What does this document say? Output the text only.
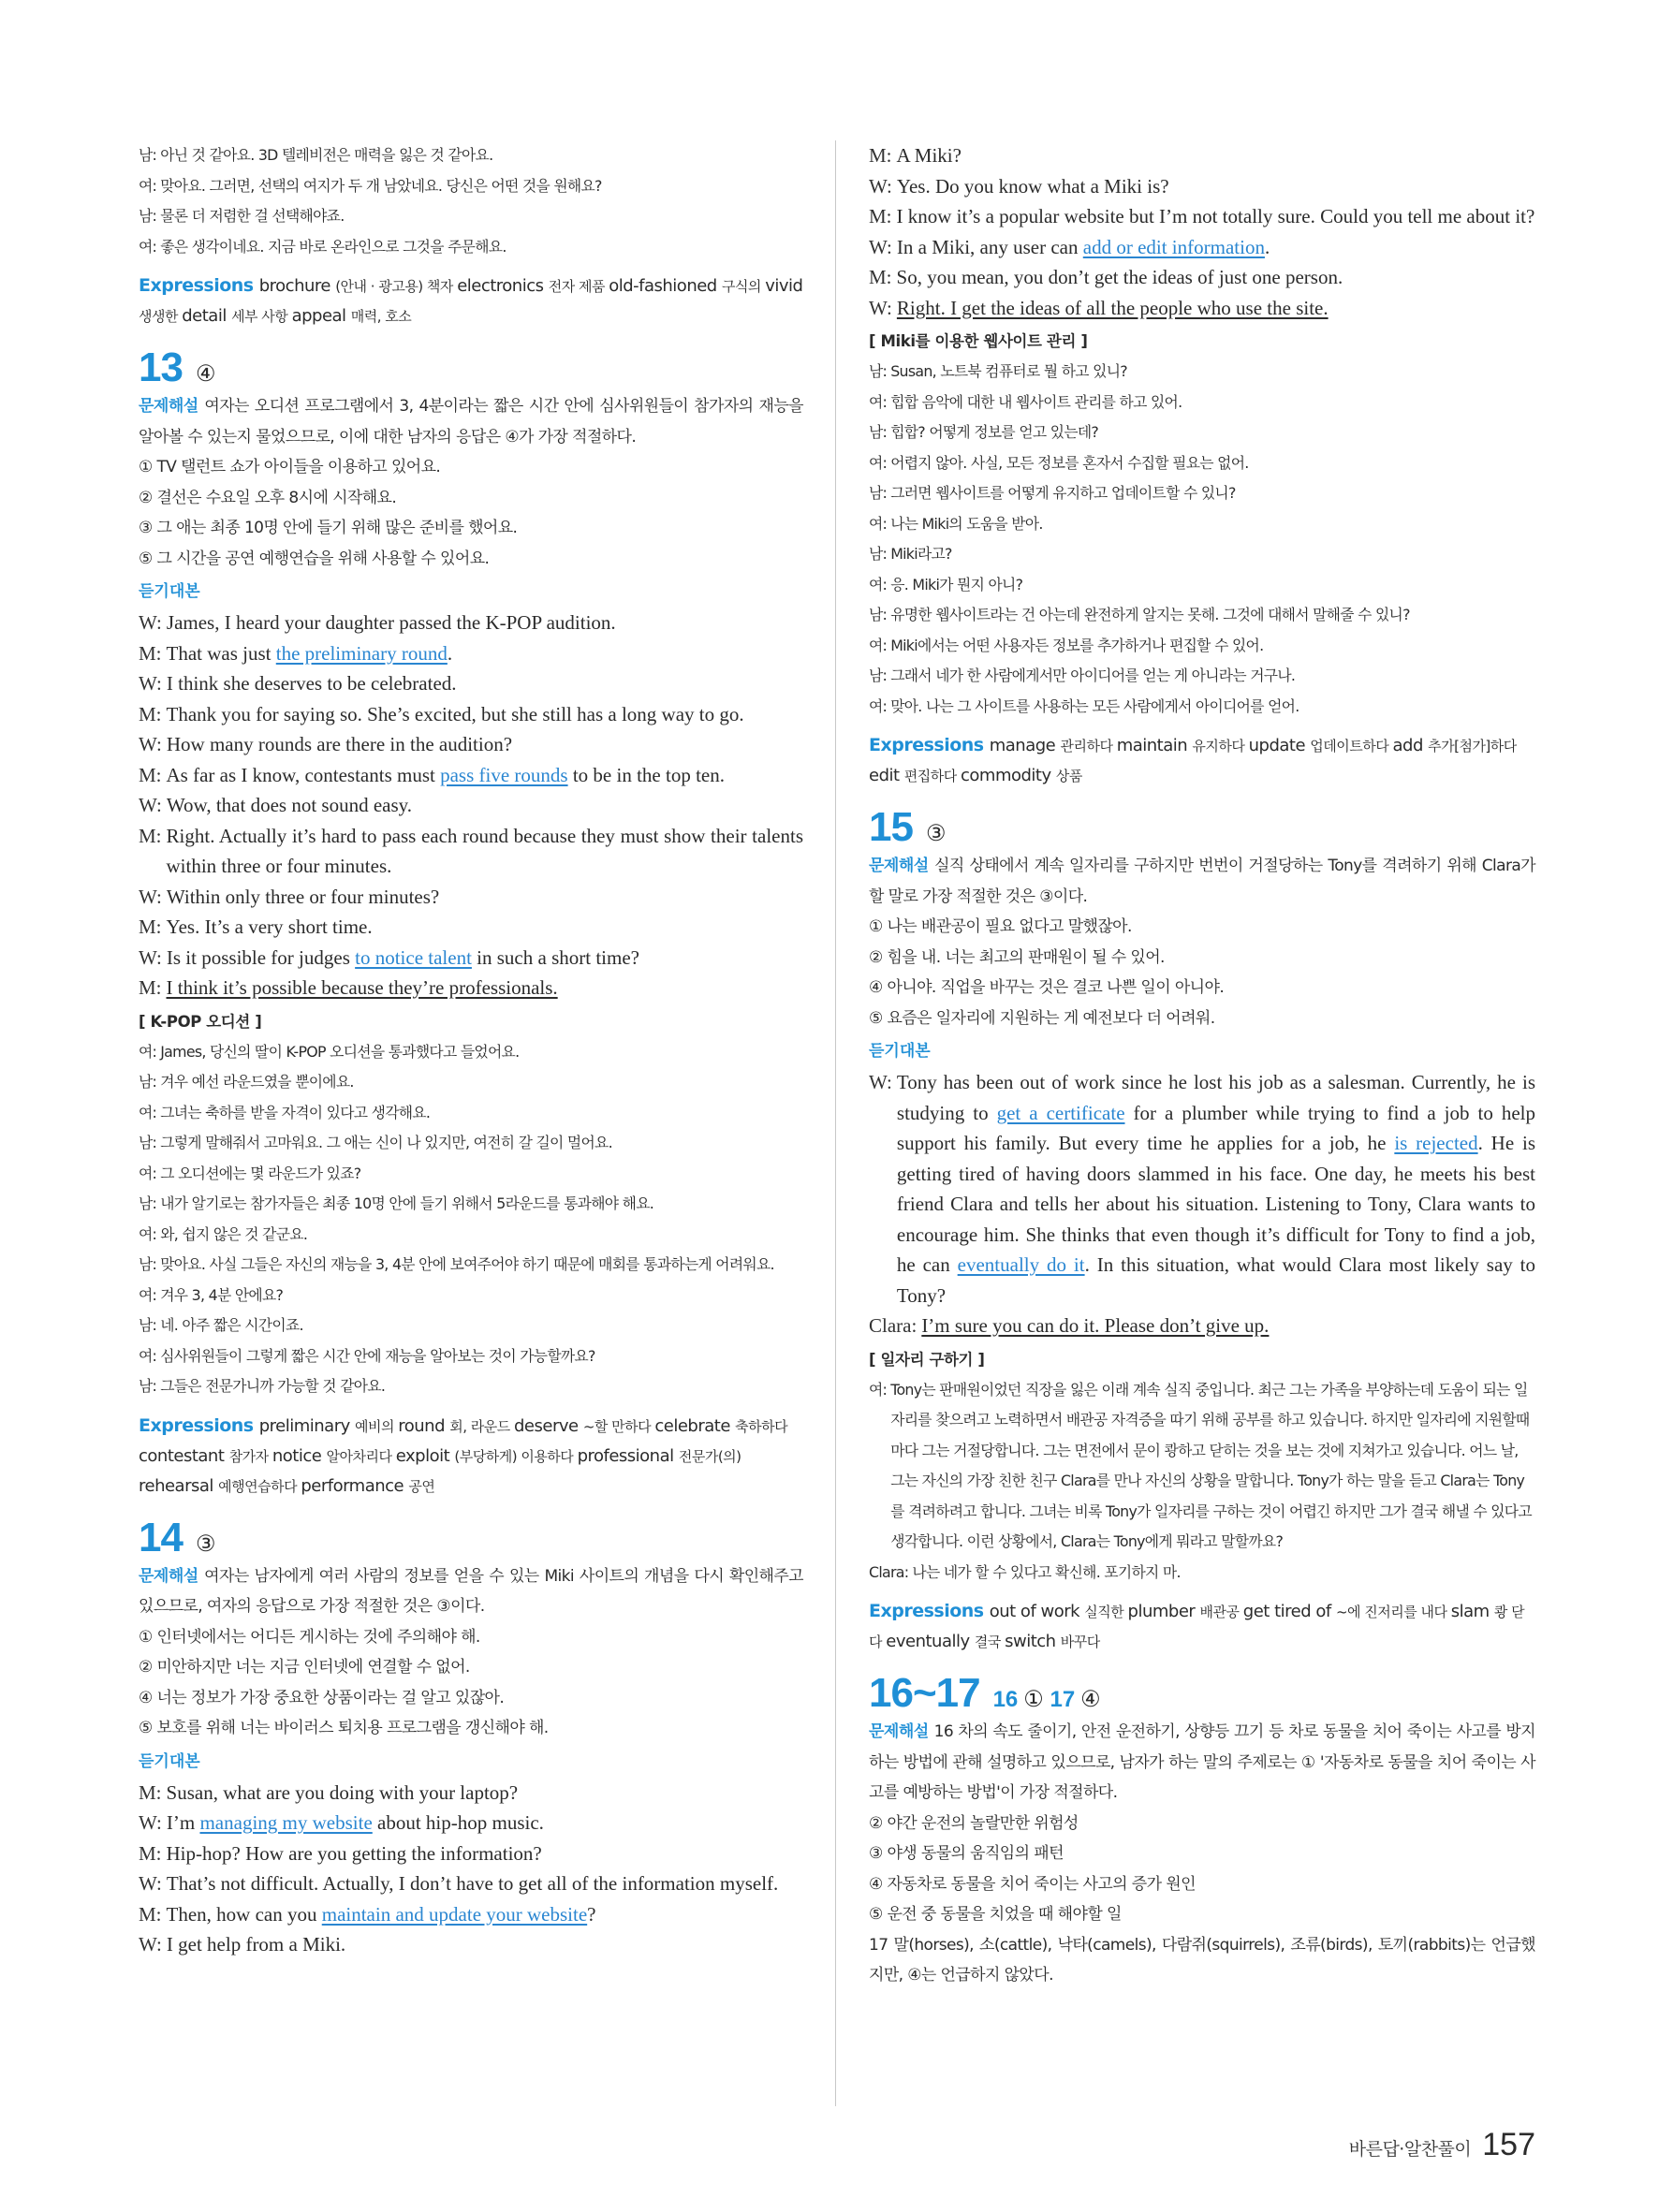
남: 아닌 것 같아요. 3D 텔레비전은 매력을 잃은 것 같아요.
여: 맞아요. 그러면, 선택의 여지가 두 개 남았네요. 당신은 어떤 것을 원해요?
남: 물론 더 저렴한 걸 선택해야죠.
여: 좋은 생각이네요. 지금 바로 온라인으로 그것을 주문해요.
Expressions brochure (안내 · 광고용) 책자 electronics 전자 제품 old-fashioned 구식의 vivid 생생한 detail 세부 사항 appeal 매력, 호소
13 ④
문제해설 여자는 오디션 프로그램에서 3, 4분이라는 짧은 시간 안에 심사위원들이 참가자의 재능을 알아볼 수 있는지 물었으므로, 이에 대한 남자의 응답은 ④가 가장 적절하다.
① TV 탤런트 쇼가 아이들을 이용하고 있어요.
② 결선은 수요일 오후 8시에 시작해요.
③ 그 애는 최종 10명 안에 들기 위해 많은 준비를 했어요.
⑤ 그 시간을 공연 예행연습을 위해 사용할 수 있어요.
듣기대본
W: James, I heard your daughter passed the K-POP audition.
M: That was just the preliminary round.
W: I think she deserves to be celebrated.
M: Thank you for saying so. She’s excited, but she still has a long way to go.
W: How many rounds are there in the audition?
M: As far as I know, contestants must pass five rounds to be in the top ten.
W: Wow, that does not sound easy.
M: Right. Actually it’s hard to pass each round because they must show their talents within three or four minutes.
W: Within only three or four minutes?
M: Yes. It’s a very short time.
W: Is it possible for judges to notice talent in such a short time?
M: I think it’s possible because they’re professionals.
[ K-POP 오디션 ]
여: James, 당신의 딸이 K-POP 오디션을 통과했다고 들었어요.
남: 겨우 예선 라운드였을 뿐이에요.
여: 그녀는 축하를 받을 자격이 있다고 생각해요.
남: 그렇게 말해줘서 고마워요. 그 애는 신이 나 있지만, 여전히 갈 길이 멀어요.
여: 그 오디션에는 몇 라운드가 있죠?
남: 내가 알기로는 참가자들은 최종 10명 안에 들기 위해서 5라운드를 통과해야 해요.
여: 와, 쉽지 않은 것 같군요.
남: 맞아요. 사실 그들은 자신의 재능을 3, 4분 안에 보여주어야 하기 때문에 매회를 통과하는게 어려워요.
여: 겨우 3, 4분 안에요?
남: 네. 아주 짧은 시간이죠.
여: 심사위원들이 그렇게 짧은 시간 안에 재능을 알아보는 것이 가능할까요?
남: 그들은 전문가니까 가능할 것 같아요.
Expressions preliminary 예비의 round 회, 라운드 deserve ~할 만하다 celebrate 축하하다 contestant 참가자 notice 알아차리다 exploit (부당하게) 이용하다 professional 전문가(의) rehearsal 예행연습하다 performance 공연
14 ③
문제해설 여자는 남자에게 여러 사람의 정보를 얻을 수 있는 Miki 사이트의 개념을 다시 확인해주고 있으므로, 여자의 응답으로 가장 적절한 것은 ③이다.
① 인터넷에서는 어디든 게시하는 것에 주의해야 해.
② 미안하지만 너는 지금 인터넷에 연결할 수 없어.
④ 너는 정보가 가장 중요한 상품이라는 걸 알고 있잖아.
⑤ 보호를 위해 너는 바이러스 퇴치용 프로그램을 갱신해야 해.
듣기대본
M: Susan, what are you doing with your laptop?
W: I’m managing my website about hip-hop music.
M: Hip-hop? How are you getting the information?
W: That’s not difficult. Actually, I don’t have to get all of the information myself.
M: Then, how can you maintain and update your website?
W: I get help from a Miki.
M: A Miki?
W: Yes. Do you know what a Miki is?
M: I know it’s a popular website but I’m not totally sure. Could you tell me about it?
W: In a Miki, any user can add or edit information.
M: So, you mean, you don’t get the ideas of just one person.
W: Right. I get the ideas of all the people who use the site.
[ Miki를 이용한 웹사이트 관리 ]
남: Susan, 노트북 컴퓨터로 뭘 하고 있니?
여: 힙합 음악에 대한 내 웹사이트 관리를 하고 있어.
남: 힙합? 어떻게 정보를 얻고 있는데?
여: 어렵지 않아. 사실, 모든 정보를 혼자서 수집할 필요는 없어.
남: 그러면 웹사이트를 어떻게 유지하고 업데이트할 수 있니?
여: 나는 Miki의 도움을 받아.
남: Miki라고?
여: 응. Miki가 뭔지 아니?
남: 유명한 웹사이트라는 건 아는데 완전하게 알지는 못해. 그것에 대해서 말해줄 수 있니?
여: Miki에서는 어떤 사용자든 정보를 추가하거나 편집할 수 있어.
남: 그래서 네가 한 사람에게서만 아이디어를 얻는 게 아니라는 거구나.
여: 맞아. 나는 그 사이트를 사용하는 모든 사람에게서 아이디어를 얻어.
Expressions manage 관리하다 maintain 유지하다 update 업데이트하다 add 추가[첨가]하다 edit 편집하다 commodity 상품
15 ③
문제해설 실직 상태에서 계속 일자리를 구하지만 번번이 거절당하는 Tony를 격려하기 위해 Clara가 할 말로 가장 적절한 것은 ③이다.
① 나는 배관공이 필요 없다고 말했잖아.
② 힘을 내. 너는 최고의 판매원이 될 수 있어.
④ 아니야. 직업을 바꾸는 것은 결코 나쁜 일이 아니야.
⑤ 요즘은 일자리에 지원하는 게 예전보다 더 어려워.
듣기대본
W: Tony has been out of work since he lost his job as a salesman. Currently, he is studying to get a certificate for a plumber while trying to find a job to help support his family. But every time he applies for a job, he is rejected. He is getting tired of having doors slammed in his face. One day, he meets his best friend Clara and tells her about his situation. Listening to Tony, Clara wants to encourage him. She thinks that even though it’s difficult for Tony to find a job, he can eventually do it. In this situation, what would Clara most likely say to Tony?
Clara: I’m sure you can do it. Please don’t give up.
[ 일자리 구하기 ]
여: Tony는 판매원이었던 직장을 잃은 이래 계속 실직 중입니다. 최근 그는 가족을 부양하는데 도움이 되는 일자리를 찾으려고 노력하면서 배관공 자격증을 따기 위해 공부를 하고 있습니다. 하지만 일자리에 지원할때마다 그는 거절당합니다. 그는 면전에서 문이 쾅하고 닫히는 것을 보는 것에 지쳐가고 있습니다. 어느 날, 그는 자신의 가장 친한 친구 Clara를 만나 자신의 상황을 말합니다. Tony가 하는 말을 듣고 Clara는 Tony를 격려하려고 합니다. 그녀는 비록 Tony가 일자리를 구하는 것이 어렵긴 하지만 그가 결국 해낼 수 있다고 생각합니다. 이런 상황에서, Clara는 Tony에게 뭐라고 말할까요?
Clara: 나는 네가 할 수 있다고 확신해. 포기하지 마.
Expressions out of work 실직한 plumber 배관공 get tired of ~에 진저리를 내다 slam 쾅 닫다 eventually 결국 switch 바꾸다
16~17 16 ① 17 ④
문제해설 16 차의 속도 줄이기, 안전 운전하기, 상향등 끄기 등 차로 동물을 치어 죽이는 사고를 방지하는 방법에 관해 설명하고 있으므로, 남자가 하는 말의 주제로는 ① '자동차로 동물을 치어 죽이는 사고를 예방하는 방법'이 가장 적절하다.
② 야간 운전의 놀랄만한 위험성
③ 야생 동물의 움직임의 패턴
④ 자동차로 동물을 치어 죽이는 사고의 증가 원인
⑤ 운전 중 동물을 치었을 때 해야할 일
17 말(horses), 소(cattle), 낙타(camels), 다람쥐(squirrels), 조류(birds), 토끼(rabbits)는 언급했지만, ④는 언급하지 않았다.
바른답·알찬풀이 157
